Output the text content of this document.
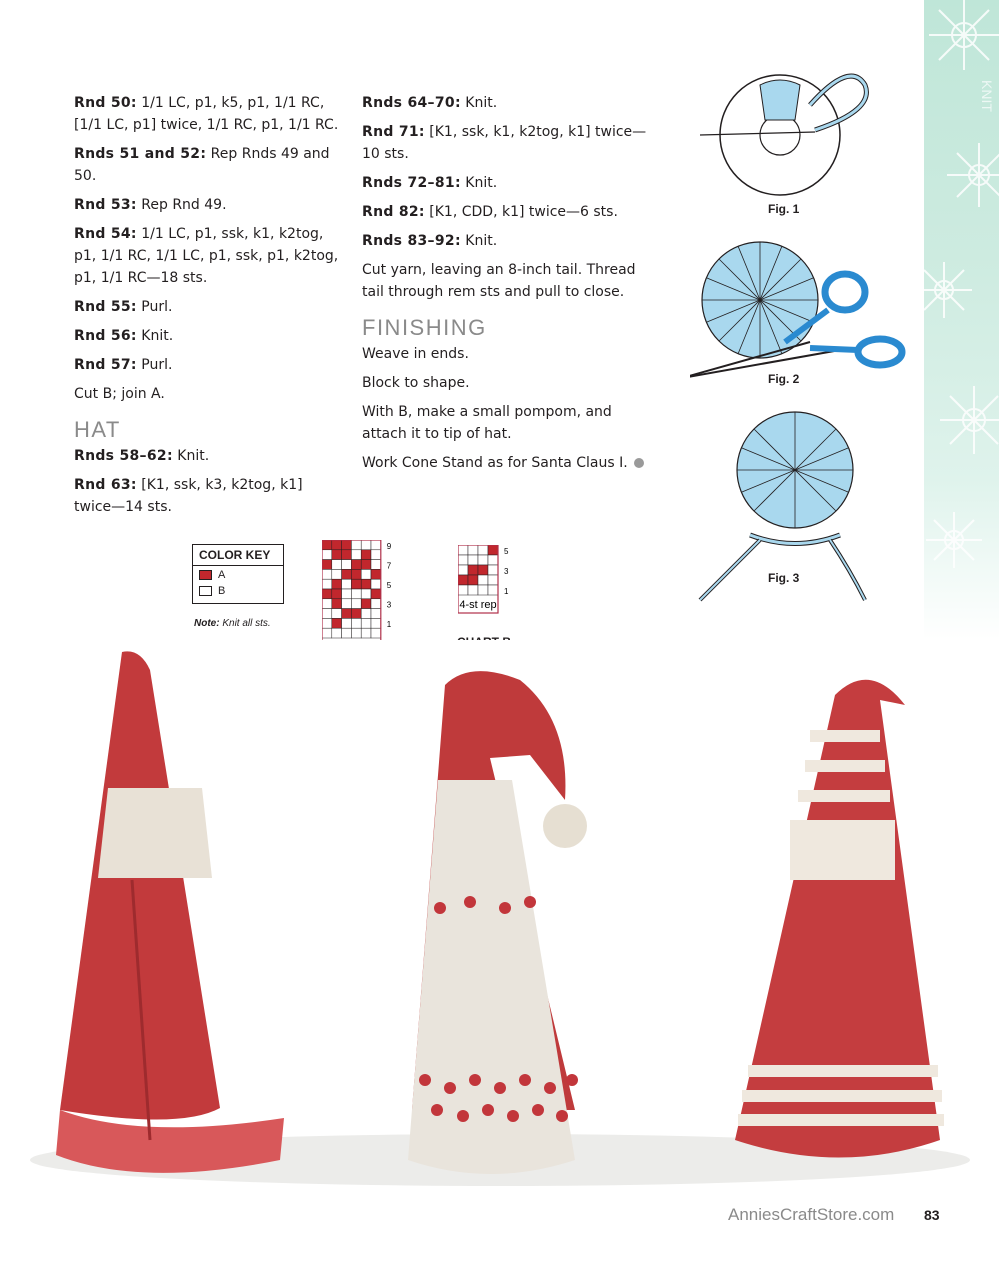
KNIT

Rnd 50: 1/1 LC, p1, k5, p1, 1/1 RC, [1/1 LC, p1] twice, 1/1 RC, p1, 1/1 RC.

Rnds 51 and 52: Rep Rnds 49 and 50.

Rnd 53: Rep Rnd 49.

Rnd 54: 1/1 LC, p1, ssk, k1, k2tog, p1, 1/1 RC, 1/1 LC, p1, ssk, p1, k2tog, p1, 1/1 RC—18 sts.

Rnd 55: Purl.

Rnd 56: Knit.

Rnd 57: Purl.

Cut B; join A.

HAT

Rnds 58–62: Knit.

Rnd 63: [K1, ssk, k3, k2tog, k1] twice—14 sts.

Rnds 64–70: Knit.

Rnd 71: [K1, ssk, k1, k2tog, k1] twice—10 sts.

Rnds 72–81: Knit.

Rnd 82: [K1, CDD, k1] twice—6 sts.

Rnds 83–92: Knit.

Cut yarn, leaving an 8-inch tail. Thread tail through rem sts and pull to close.

FINISHING

Weave in ends.

Block to shape.

With B, make a small pompom, and attach it to tip of hat.

Work Cone Stand as for Santa Claus I.

Fig. 1
Fig. 2
Fig. 3
COLOR KEY
A
B
Note: Knit all sts.
9
7
5
3
1
4-st rep
5
3
1
AnniesCraftStore.com 83
